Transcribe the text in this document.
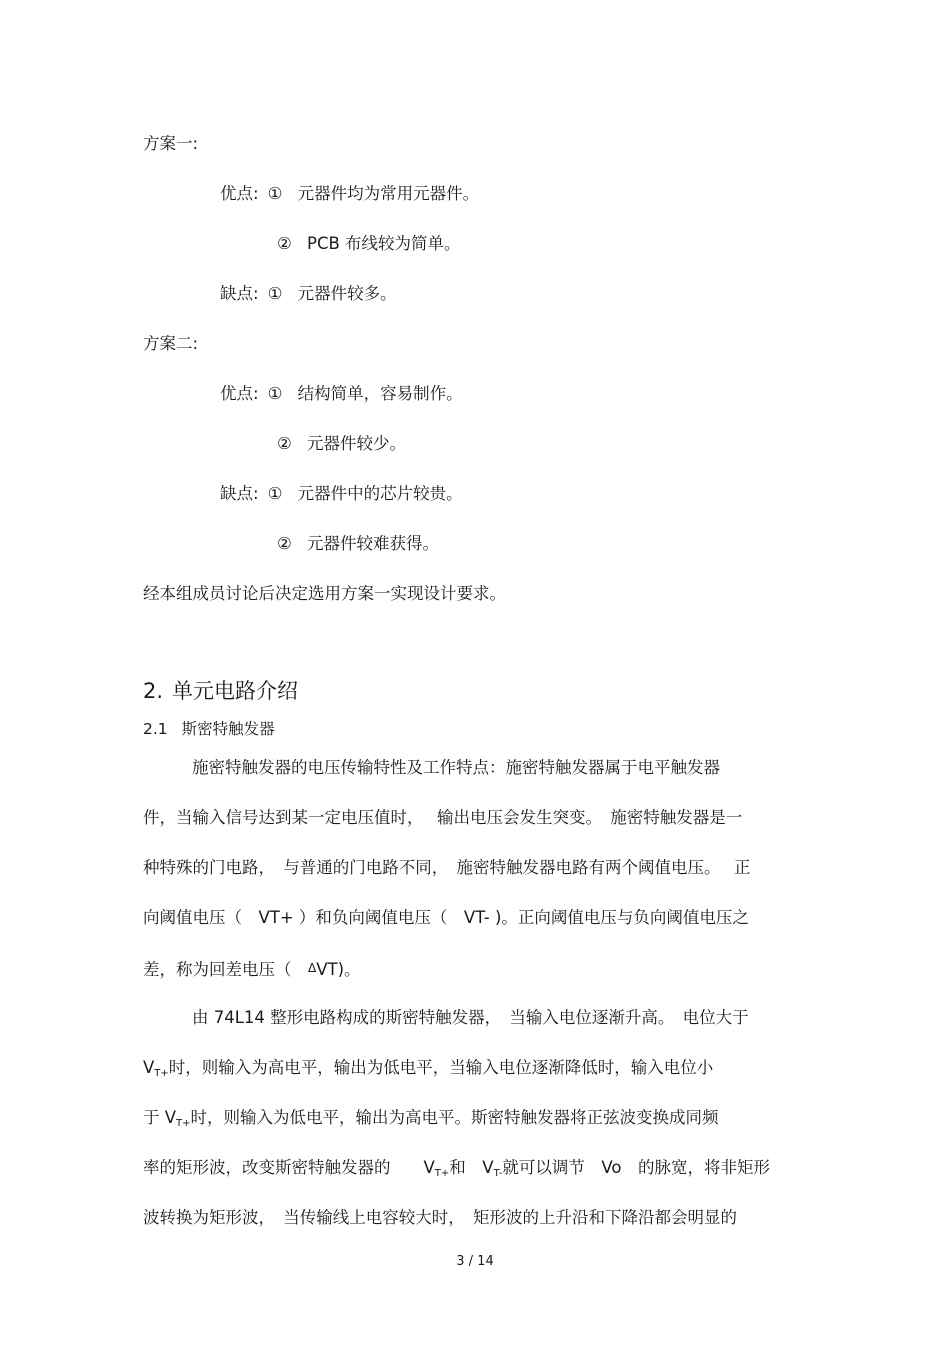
方案一:
优点: ① 元器件均为常用元器件。
② PCB 布线较为简单。
缺点: ① 元器件较多。
方案二:
优点: ① 结构简单，容易制作。
② 元器件较少。
缺点: ① 元器件中的芯片较贵。
② 元器件较难获得。
经本组成员讨论后决定选用方案一实现设计要求。
2. 单元电路介绍
2.1 斯密特触发器
施密特触发器的电压传输特性及工作特点：施密特触发器属于电平触发器
件，当输入信号达到某一定电压值时，　 输出电压会发生突变。　施密特触发器是一
种特殊的门电路，　与普通的门电路不同，　施密特触发器电路有两个阈值电压。　 正
向阈值电压（　VT+ ）和负向阈值电压（　VT- )。正向阈值电压与负向阈值电压之
差，称为回差电压（　ΔVT)。
由 74L14 整形电路构成的斯密特触发器，　当输入电位逐渐升高。　电位大于
$V_{T+}$时，则输入为高电平，输出为低电平，当输入电位逐渐降低时，输入电位小
于 $V_{T+}$时，则输入为低电平，输出为高电平。斯密特触发器将正弦波变换成同频
率的矩形波，改变斯密特触发器的　　$V_{T+}$和　$V_{T-}$就可以调节　Vo　的脉宽，将非矩形
波转换为矩形波，　当传输线上电容较大时，　矩形波的上升沿和下降沿都会明显的
3 / 14
